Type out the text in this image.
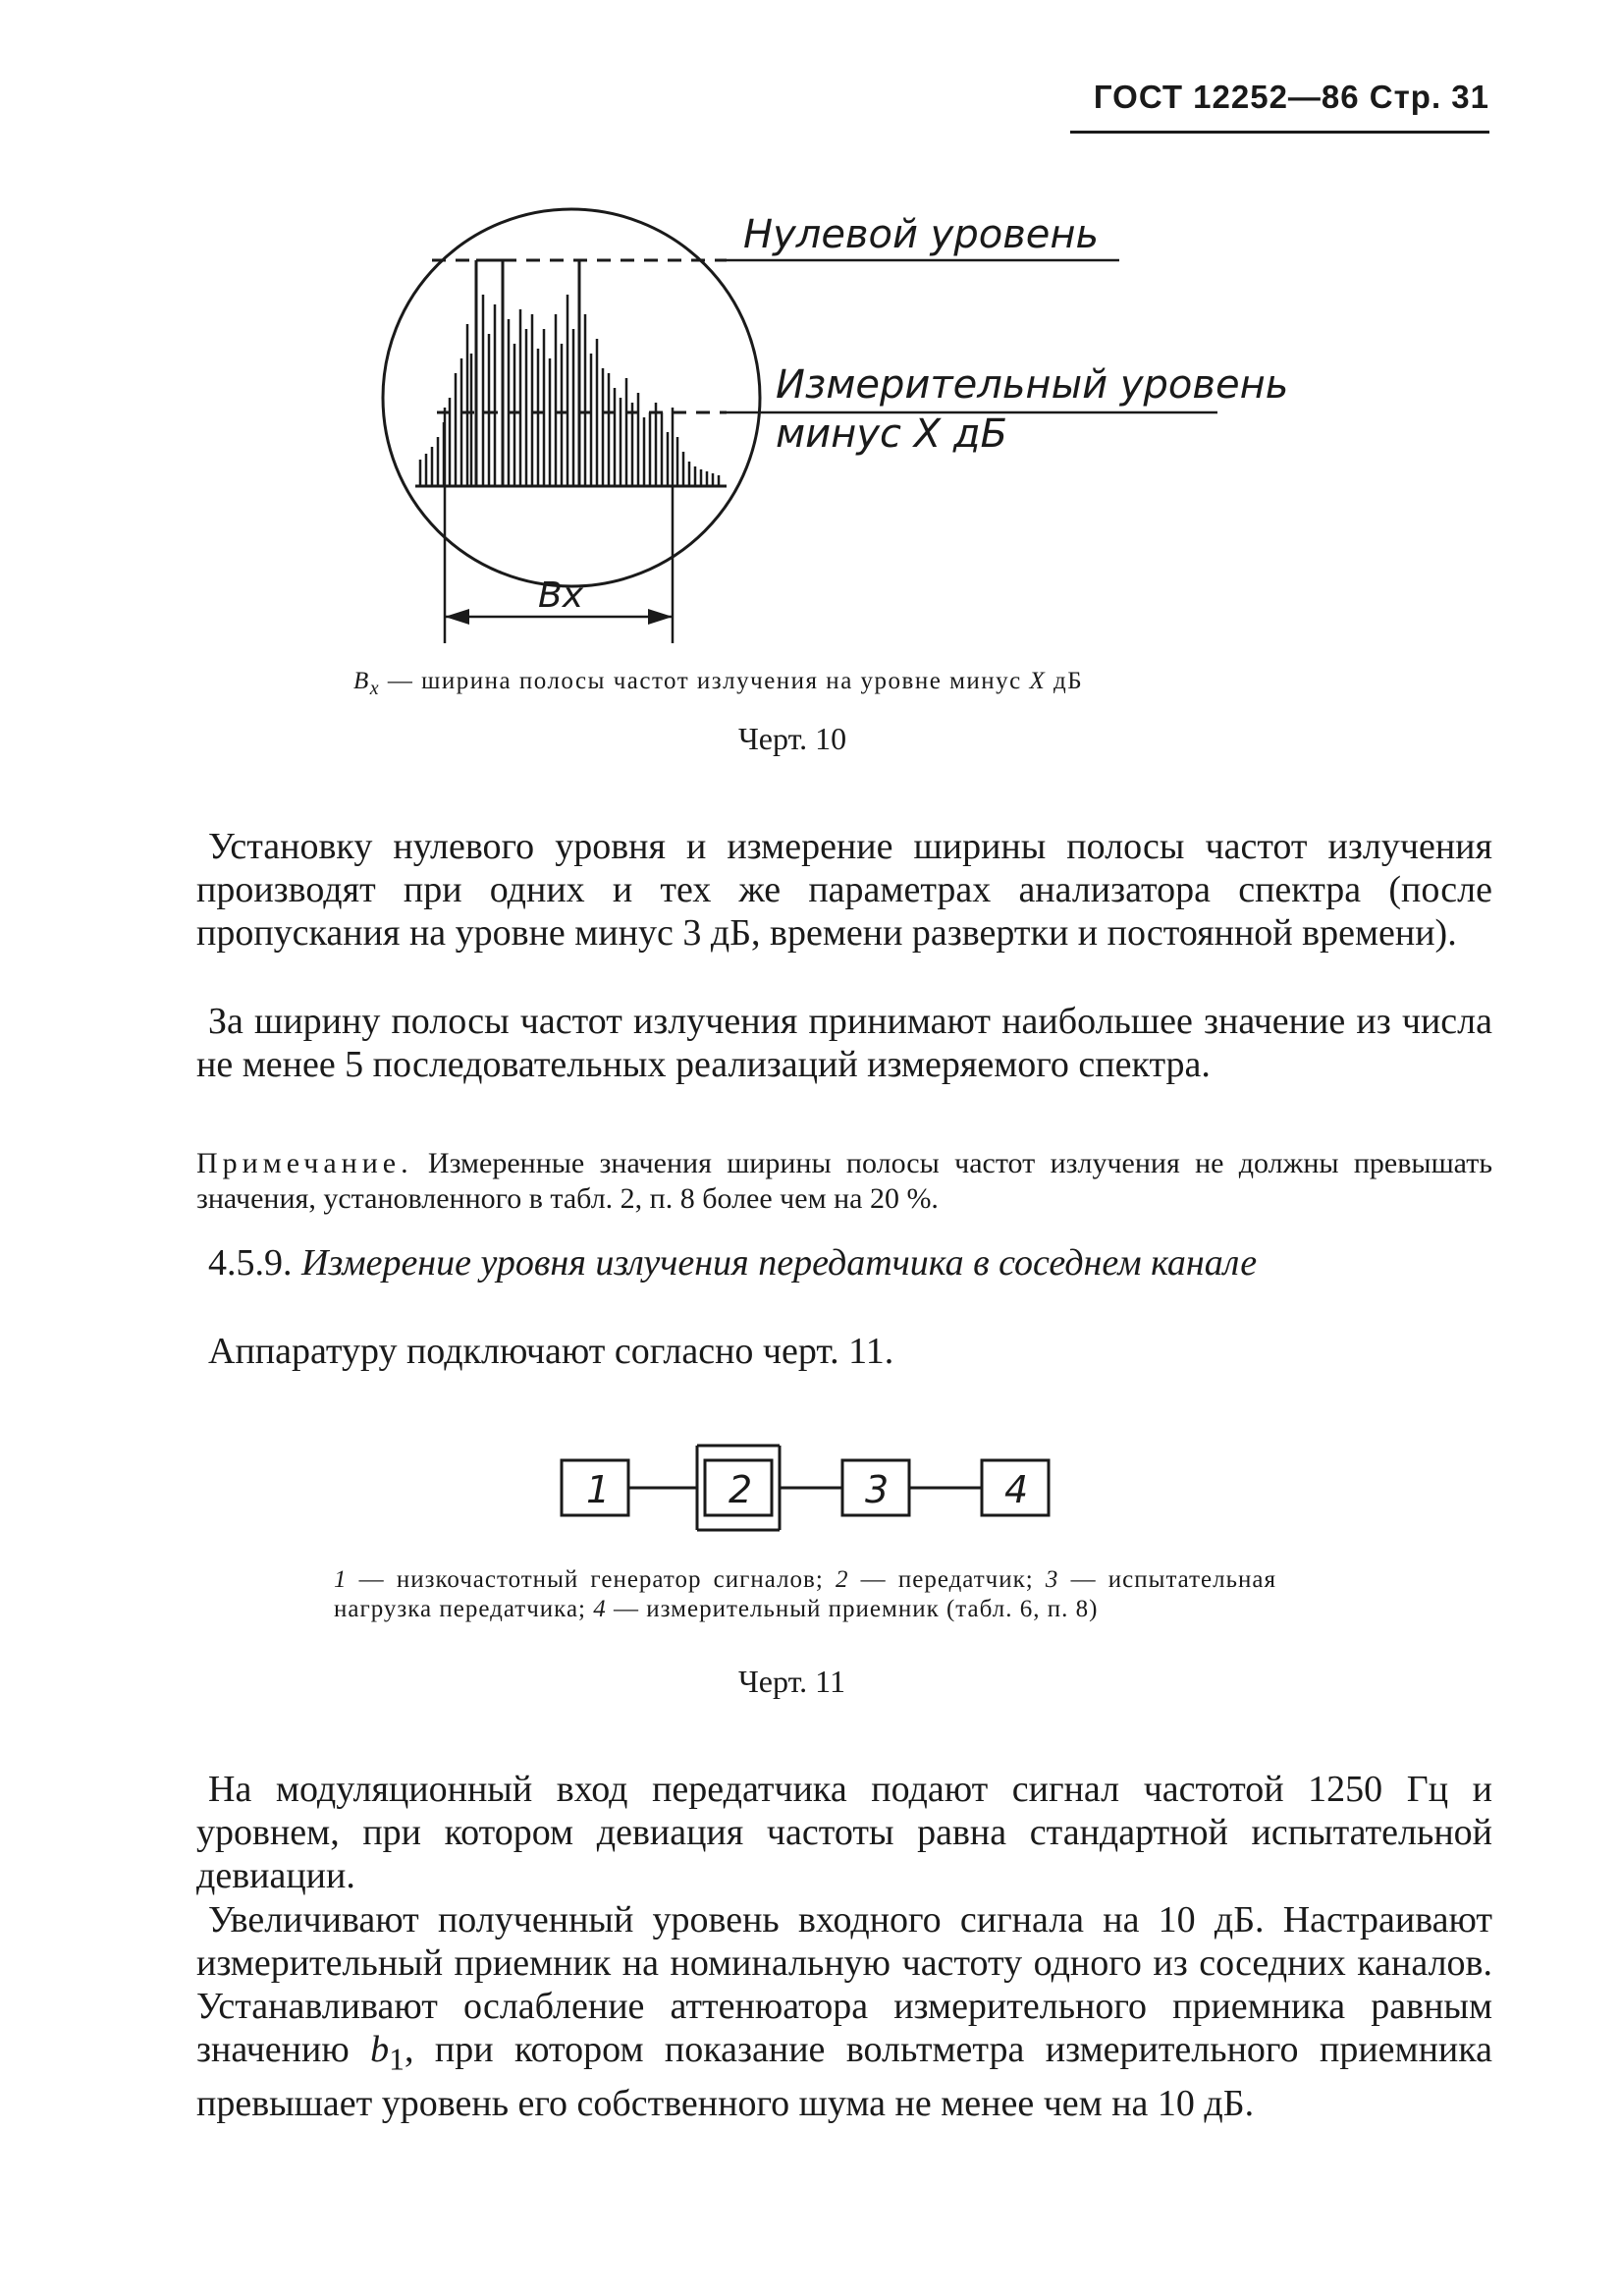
ГОСТ 12252—86 Стр. 31
Нулевой уровень
Измерительный уровень
минус X дБ
Вх
$B_x$ — ширина полосы частот излучения на уровне минус X дБ
Черт. 10
Установку нулевого уровня и измерение ширины полосы частот излучения производят при одних и тех же параметрах анализатора спектра (после пропускания на уровне минус 3 дБ, времени развертки и постоянной времени).
За ширину полосы частот излучения принимают наибольшее значение из числа не менее 5 последовательных реализаций измеряемого спектра.
Примечание. Измеренные значения ширины полосы частот излучения не должны превышать значения, установленного в табл. 2, п. 8 более чем на 20 %.
4.5.9. Измерение уровня излучения передатчика в соседнем канале
Аппаратуру подключают согласно черт. 11.
1	2	3	4
1 — низкочастотный генератор сигналов; 2 — передатчик; 3 — испытательная нагрузка передатчика; 4 — измерительный приемник (табл. 6, п. 8)
Черт. 11
На модуляционный вход передатчика подают сигнал частотой 1250 Гц и уровнем, при котором девиация частоты равна стандартной испытательной девиации.
Увеличивают полученный уровень входного сигнала на 10 дБ. Настраивают измерительный приемник на номинальную частоту одного из соседних каналов. Устанавливают ослабление аттенюатора измерительного приемника равным значению $b_1$, при котором показание вольтметра измерительного приемника превышает уровень его собственного шума не менее чем на 10 дБ.
